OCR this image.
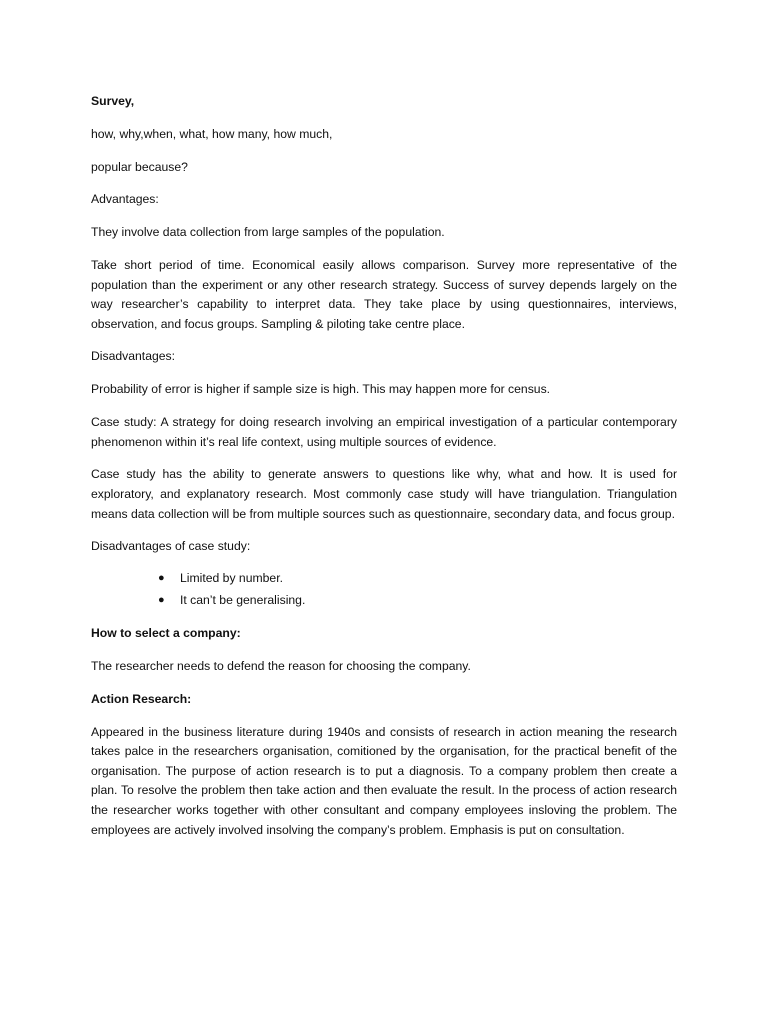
Survey,

how, why,when, what, how many, how much,

popular because?

Advantages:

They involve data collection from large samples of the population.

Take short period of time. Economical easily allows comparison. Survey more representative of the population than the experiment or any other research strategy. Success of survey depends largely on the way researcher’s capability to interpret data. They take place by using questionnaires, interviews, observation, and focus groups. Sampling & piloting take centre place.

Disadvantages:

Probability of error is higher if sample size is high. This may happen more for census.

Case study: A strategy for doing research involving an empirical investigation of a particular contemporary phenomenon within it’s real life context, using multiple sources of evidence.

Case study has the ability to generate answers to questions like why, what and how. It is used for exploratory, and explanatory research. Most commonly case study will have triangulation. Triangulation means data collection will be from multiple sources such as questionnaire, secondary data, and focus group.

Disadvantages of case study:

● Limited by number.
● It can’t be generalising.

How to select a company:

The researcher needs to defend the reason for choosing the company.

Action Research:

Appeared in the business literature during 1940s and consists of research in action meaning the research takes palce in the researchers organisation, comitioned by the organisation, for the practical benefit of the organisation. The purpose of action research is to put a diagnosis. To a company problem then create a plan. To resolve the problem then take action and then evaluate the result. In the process of action research the researcher works together with other consultant and company employees insloving the problem. The employees are actively involved insolving the company’s problem. Emphasis is put on consultation.
